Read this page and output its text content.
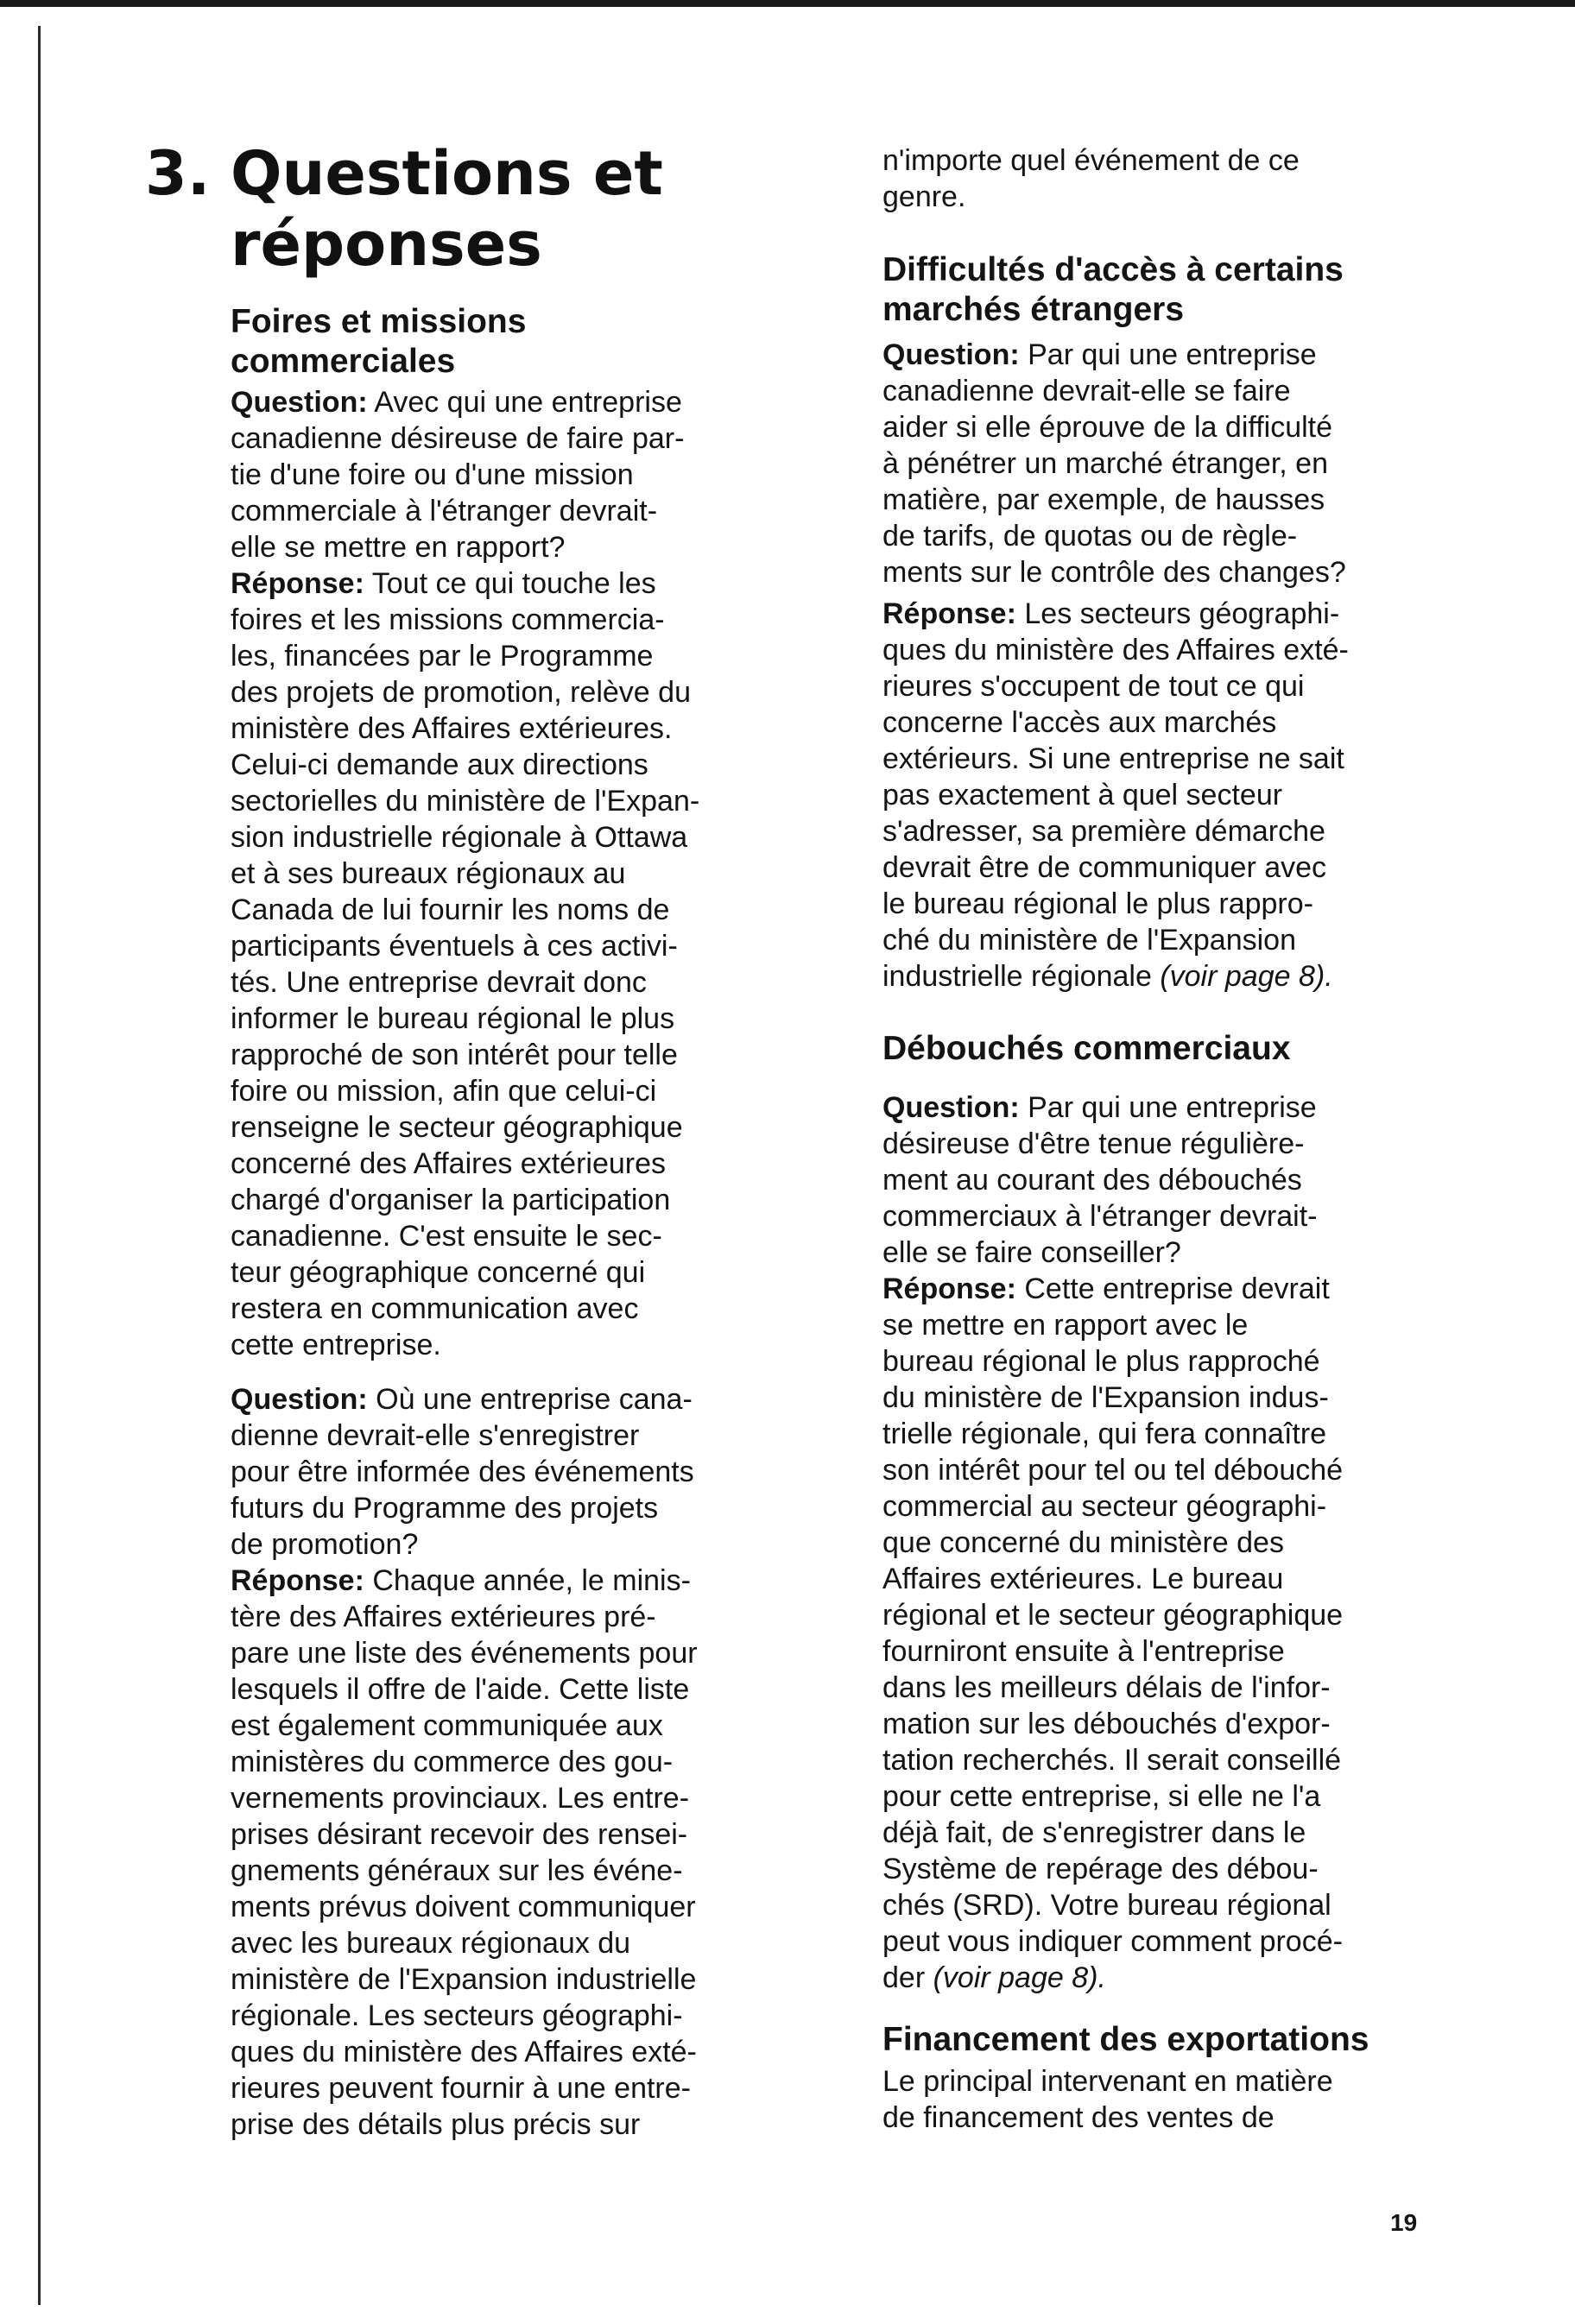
3. Questions et
réponses
Foires et missions
commerciales
Question: Avec qui une entreprise
canadienne désireuse de faire par-
tie d'une foire ou d'une mission
commerciale à l'étranger devrait-
elle se mettre en rapport?
Réponse: Tout ce qui touche les
foires et les missions commercia-
les, financées par le Programme
des projets de promotion, relève du
ministère des Affaires extérieures.
Celui-ci demande aux directions
sectorielles du ministère de l'Expan-
sion industrielle régionale à Ottawa
et à ses bureaux régionaux au
Canada de lui fournir les noms de
participants éventuels à ces activi-
tés. Une entreprise devrait donc
informer le bureau régional le plus
rapproché de son intérêt pour telle
foire ou mission, afin que celui-ci
renseigne le secteur géographique
concerné des Affaires extérieures
chargé d'organiser la participation
canadienne. C'est ensuite le sec-
teur géographique concerné qui
restera en communication avec
cette entreprise.
Question: Où une entreprise cana-
dienne devrait-elle s'enregistrer
pour être informée des événements
futurs du Programme des projets
de promotion?
Réponse: Chaque année, le minis-
tère des Affaires extérieures pré-
pare une liste des événements pour
lesquels il offre de l'aide. Cette liste
est également communiquée aux
ministères du commerce des gou-
vernements provinciaux. Les entre-
prises désirant recevoir des rensei-
gnements généraux sur les événe-
ments prévus doivent communiquer
avec les bureaux régionaux du
ministère de l'Expansion industrielle
régionale. Les secteurs géographi-
ques du ministère des Affaires exté-
rieures peuvent fournir à une entre-
prise des détails plus précis sur
n'importe quel événement de ce
genre.
Difficultés d'accès à certains
marchés étrangers
Question: Par qui une entreprise
canadienne devrait-elle se faire
aider si elle éprouve de la difficulté
à pénétrer un marché étranger, en
matière, par exemple, de hausses
de tarifs, de quotas ou de règle-
ments sur le contrôle des changes?
Réponse: Les secteurs géographi-
ques du ministère des Affaires exté-
rieures s'occupent de tout ce qui
concerne l'accès aux marchés
extérieurs. Si une entreprise ne sait
pas exactement à quel secteur
s'adresser, sa première démarche
devrait être de communiquer avec
le bureau régional le plus rappro-
ché du ministère de l'Expansion
industrielle régionale (voir page 8).
Débouchés commerciaux
Question: Par qui une entreprise
désireuse d'être tenue régulière-
ment au courant des débouchés
commerciaux à l'étranger devrait-
elle se faire conseiller?
Réponse: Cette entreprise devrait
se mettre en rapport avec le
bureau régional le plus rapproché
du ministère de l'Expansion indus-
trielle régionale, qui fera connaître
son intérêt pour tel ou tel débouché
commercial au secteur géographi-
que concerné du ministère des
Affaires extérieures. Le bureau
régional et le secteur géographique
fourniront ensuite à l'entreprise
dans les meilleurs délais de l'infor-
mation sur les débouchés d'expor-
tation recherchés. Il serait conseillé
pour cette entreprise, si elle ne l'a
déjà fait, de s'enregistrer dans le
Système de repérage des débou-
chés (SRD). Votre bureau régional
peut vous indiquer comment procé-
der (voir page 8).
Financement des exportations
Le principal intervenant en matière
de financement des ventes de
19
